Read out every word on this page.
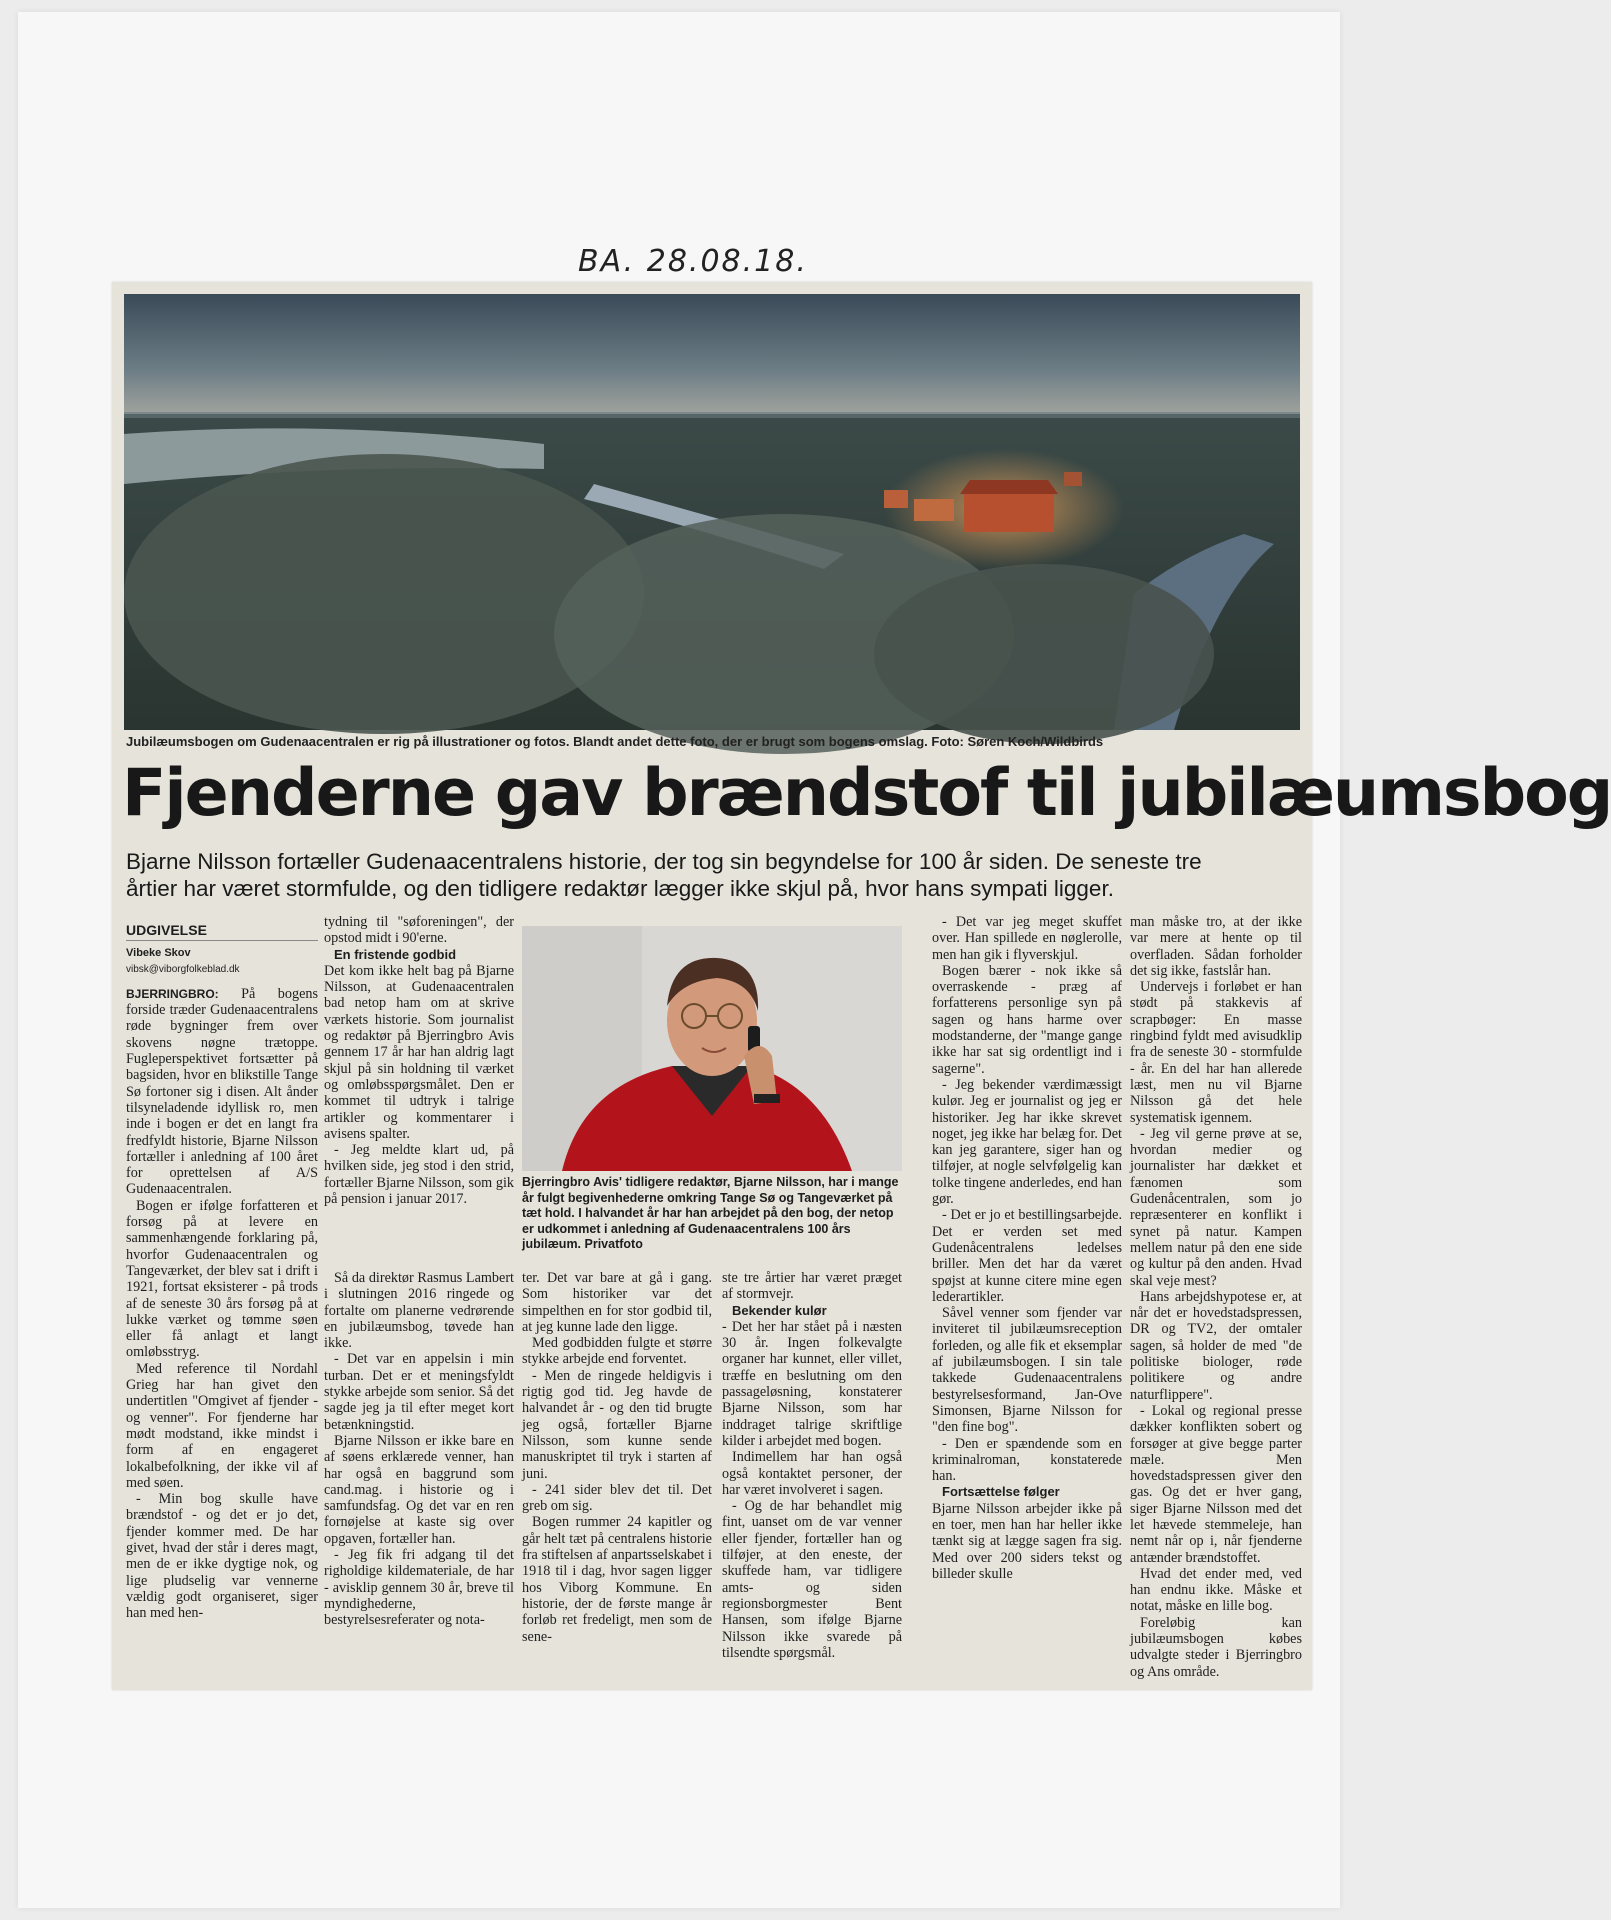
BA. 28.08.18.
Jubilæumsbogen om Gudenaacentralen er rig på illustrationer og fotos. Blandt andet dette foto, der er brugt som bogens omslag. Foto: Søren Koch/Wildbirds
Fjenderne gav brændstof til jubilæumsbog

Bjarne Nilsson fortæller Gudenaacentralens historie, der tog sin begyndelse for 100 år siden. De seneste tre årtier har været stormfulde, og den tidligere redaktør lægger ikke skjul på, hvor hans sympati ligger.

UDGIVELSE
Vibeke Skov
vibsk@viborgfolkeblad.dk

BJERRINGBRO: På bogens forside træder Gudenaacentralens røde bygninger frem over skovens nøgne trætoppe. Fugleperspektivet fortsætter på bagsiden, hvor en blikstille Tange Sø fortoner sig i disen. Alt ånder tilsyneladende idyllisk ro, men inde i bogen er det en langt fra fredfyldt historie, Bjarne Nilsson fortæller i anledning af 100 året for oprettelsen af A/S Gudenaacentralen.

Bogen er ifølge forfatteren et forsøg på at levere en sammenhængende forklaring på, hvorfor Gudenaacentralen og Tangeværket, der blev sat i drift i 1921, fortsat eksisterer - på trods af de seneste 30 års forsøg på at lukke værket og tømme søen eller få anlagt et langt omløbsstryg.

Med reference til Nordahl Grieg har han givet den undertitlen "Omgivet af fjender - og venner". For fjenderne har mødt modstand, ikke mindst i form af en engageret lokalbefolkning, der ikke vil af med søen.

- Min bog skulle have brændstof - og det er jo det, fjender kommer med. De har givet, hvad der står i deres magt, men de er ikke dygtige nok, og lige pludselig var vennerne vældig godt organiseret, siger han med hen-

tydning til "søforeningen", der opstod midt i 90'erne.

En fristende godbid

Det kom ikke helt bag på Bjarne Nilsson, at Gudenaacentralen bad netop ham om at skrive værkets historie. Som journalist og redaktør på Bjerringbro Avis gennem 17 år har han aldrig lagt skjul på sin holdning til værket og omløbsspørgsmålet. Den er kommet til udtryk i talrige artikler og kommentarer i avisens spalter.

- Jeg meldte klart ud, på hvilken side, jeg stod i den strid, fortæller Bjarne Nilsson, som gik på pension i januar 2017.

Bjerringbro Avis' tidligere redaktør, Bjarne Nilsson, har i mange år fulgt begivenhederne omkring Tange Sø og Tangeværket på tæt hold. I halvandet år har han arbejdet på den bog, der netop er udkommet i anledning af Gudenaacentralens 100 års jubilæum. Privatfoto

Så da direktør Rasmus Lambert i slutningen 2016 ringede og fortalte om planerne vedrørende en jubilæumsbog, tøvede han ikke.

- Det var en appelsin i min turban. Det er et meningsfyldt stykke arbejde som senior. Så det sagde jeg ja til efter meget kort betænkningstid.

Bjarne Nilsson er ikke bare en af søens erklærede venner, han har også en baggrund som cand.mag. i historie og i samfundsfag. Og det var en ren fornøjelse at kaste sig over opgaven, fortæller han.

- Jeg fik fri adgang til det righoldige kildemateriale, de har - avisklip gennem 30 år, breve til myndighederne, bestyrelsesreferater og nota-

ter. Det var bare at gå i gang. Som historiker var det simpelthen en for stor godbid til, at jeg kunne lade den ligge.

Med godbidden fulgte et større stykke arbejde end forventet.

- Men de ringede heldigvis i rigtig god tid. Jeg havde de halvandet år - og den tid brugte jeg også, fortæller Bjarne Nilsson, som kunne sende manuskriptet til tryk i starten af juni.

- 241 sider blev det til. Det greb om sig.

Bogen rummer 24 kapitler og går helt tæt på centralens historie fra stiftelsen af anpartsselskabet i 1918 til i dag, hvor sagen ligger hos Viborg Kommune. En historie, der de første mange år forløb ret fredeligt, men som de sene-

ste tre årtier har været præget af stormvejr.

Bekender kulør

- Det her har stået på i næsten 30 år. Ingen folkevalgte organer har kunnet, eller villet, træffe en beslutning om den passageløsning, konstaterer Bjarne Nilsson, som har inddraget talrige skriftlige kilder i arbejdet med bogen.

Indimellem har han også også kontaktet personer, der har været involveret i sagen.

- Og de har behandlet mig fint, uanset om de var venner eller fjender, fortæller han og tilføjer, at den eneste, der skuffede ham, var tidligere amts- og siden regionsborgmester Bent Hansen, som ifølge Bjarne Nilsson ikke svarede på tilsendte spørgsmål.

- Det var jeg meget skuffet over. Han spillede en nøglerolle, men han gik i flyverskjul.

Bogen bærer - nok ikke så overraskende - præg af forfatterens personlige syn på sagen og hans harme over modstanderne, der "mange gange ikke har sat sig ordentligt ind i sagerne".

- Jeg bekender værdimæssigt kulør. Jeg er journalist og jeg er historiker. Jeg har ikke skrevet noget, jeg ikke har belæg for. Det kan jeg garantere, siger han og tilføjer, at nogle selvfølgelig kan tolke tingene anderledes, end han gør.

- Det er jo et bestillingsarbejde. Det er verden set med Gudenåcentralens ledelses briller. Men det har da været spøjst at kunne citere mine egen lederartikler.

Såvel venner som fjender var inviteret til jubilæumsreception forleden, og alle fik et eksemplar af jubilæumsbogen. I sin tale takkede Gudenaacentralens bestyrelsesformand, Jan-Ove Simonsen, Bjarne Nilsson for "den fine bog".

- Den er spændende som en kriminalroman, konstaterede han.

Fortsættelse følger

Bjarne Nilsson arbejder ikke på en toer, men han har heller ikke tænkt sig at lægge sagen fra sig. Med over 200 siders tekst og billeder skulle

man måske tro, at der ikke var mere at hente op til overfladen. Sådan forholder det sig ikke, fastslår han.

Undervejs i forløbet er han stødt på stakkevis af scrapbøger: En masse ringbind fyldt med avisudklip fra de seneste 30 - stormfulde - år. En del har han allerede læst, men nu vil Bjarne Nilsson gå det hele systematisk igennem.

- Jeg vil gerne prøve at se, hvordan medier og journalister har dækket et fænomen som Gudenåcentralen, som jo repræsenterer en konflikt i synet på natur. Kampen mellem natur på den ene side og kultur på den anden. Hvad skal veje mest?

Hans arbejdshypotese er, at når det er hovedstadspressen, DR og TV2, der omtaler sagen, så holder de med "de politiske biologer, røde politikere og andre naturflippere".

- Lokal og regional presse dækker konflikten sobert og forsøger at give begge parter mæle. Men hovedstadspressen giver den gas. Og det er hver gang, siger Bjarne Nilsson med det let hævede stemmeleje, han nemt når op i, når fjenderne antænder brændstoffet.

Hvad det ender med, ved han endnu ikke. Måske et notat, måske en lille bog.

Foreløbig kan jubilæumsbogen købes udvalgte steder i Bjerringbro og Ans område.
